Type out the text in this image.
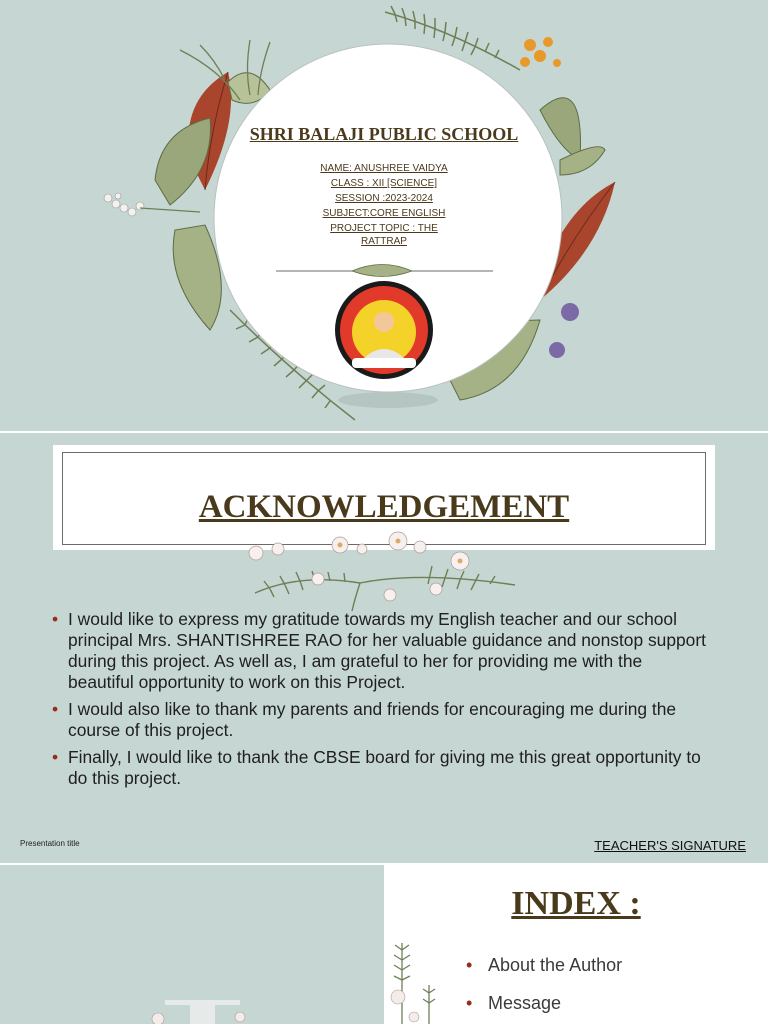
SHRI BALAJI PUBLIC SCHOOL
NAME: ANUSHREE VAIDYA
CLASS : XII [SCIENCE]
SESSION :2023-2024
SUBJECT:CORE ENGLISH
PROJECT TOPIC : THE RATTRAP
ACKNOWLEDGEMENT
• I would like to express my gratitude towards my English teacher and our school principal Mrs. SHANTISHREE RAO for her valuable guidance and nonstop support during this project. As well as, I am grateful to her for providing me with the beautiful opportunity to work on this Project.
• I would also like to thank my parents and friends for encouraging me during the course of this project.
• Finally, I would like to thank the CBSE board for giving me this great opportunity to do this project.
Presentation title	TEACHER'S SIGNATURE
INDEX :
• About the Author
• Message
